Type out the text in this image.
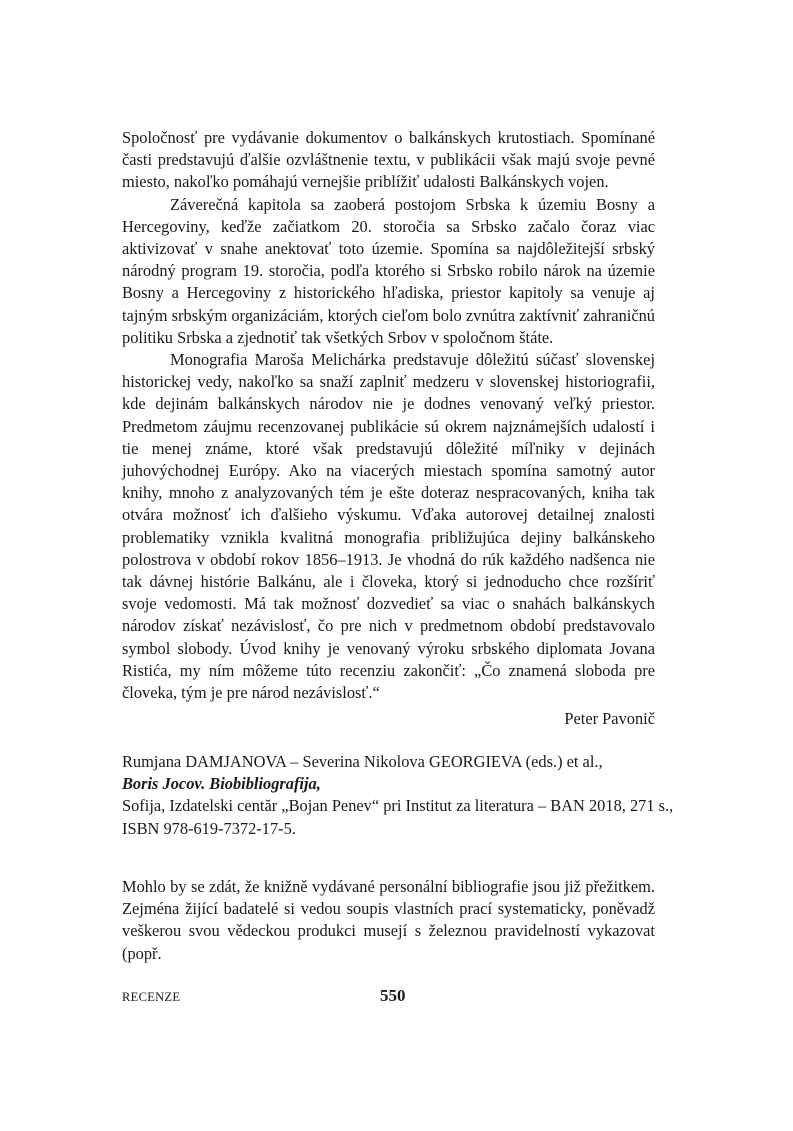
Spoločnosť pre vydávanie dokumentov o balkánskych krutostiach. Spomínané časti predstavujú ďalšie ozvláštnenie textu, v publikácii však majú svoje pevné miesto, nakoľko pomáhajú vernejšie priblížiť udalosti Balkánskych vojen.

Záverečná kapitola sa zaoberá postojom Srbska k územiu Bosny a Hercegoviny, keďže začiatkom 20. storočia sa Srbsko začalo čoraz viac aktivizovať v snahe anektovať toto územie. Spomína sa najdôležitejší srbský národný program 19. storočia, podľa ktorého si Srbsko robilo nárok na územie Bosny a Hercegoviny z historického hľadiska, priestor kapitoly sa venuje aj tajným srbským organizáciám, ktorých cieľom bolo zvnútra zaktívniť zahraničnú politiku Srbska a zjednotiť tak všetkých Srbov v spoločnom štáte.

Monografia Maroša Melichárka predstavuje dôležitú súčasť slovenskej historickej vedy, nakoľko sa snaží zaplniť medzeru v slovenskej historiografii, kde dejinám balkánskych národov nie je dodnes venovaný veľký priestor. Predmetom záujmu recenzovanej publikácie sú okrem najznámejších udalostí i tie menej známe, ktoré však predstavujú dôležité míľniky v dejinách juhovýchodnej Európy. Ako na viacerých miestach spomína samotný autor knihy, mnoho z analyzovaných tém je ešte doteraz nespracovaných, kniha tak otvára možnosť ich ďalšieho výskumu. Vďaka autorovej detailnej znalosti problematiky vznikla kvalitná monografia približujúca dejiny balkánskeho polostrova v období rokov 1856–1913. Je vhodná do rúk každého nadšenca nie tak dávnej histórie Balkánu, ale i človeka, ktorý si jednoducho chce rozšíriť svoje vedomosti. Má tak možnosť dozvedieť sa viac o snahách balkánskych národov získať nezávislosť, čo pre nich v predmetnom období predstavovalo symbol slobody. Úvod knihy je venovaný výroku srbského diplomata Jovana Ristića, my ním môžeme túto recenziu zakončiť: „Čo znamená sloboda pre človeka, tým je pre národ nezávislosť.“

Peter Pavonič

Rumjana DAMJANOVA – Severina Nikolova GEORGIEVA (eds.) et al.,
Boris Jocov. Biobibliografija,
Sofija, Izdatelski centăr „Bojan Penev“ pri Institut za literatura – BAN 2018, 271 s.,
ISBN 978-619-7372-17-5.

Mohlo by se zdát, že knižně vydávané personální bibliografie jsou již přežitkem. Zejména žijící badatelé si vedou soupis vlastních prací systematicky, poněvadž veškerou svou vědeckou produkci musejí s železnou pravidelností vykazovat (popř.

RECENZE	550
